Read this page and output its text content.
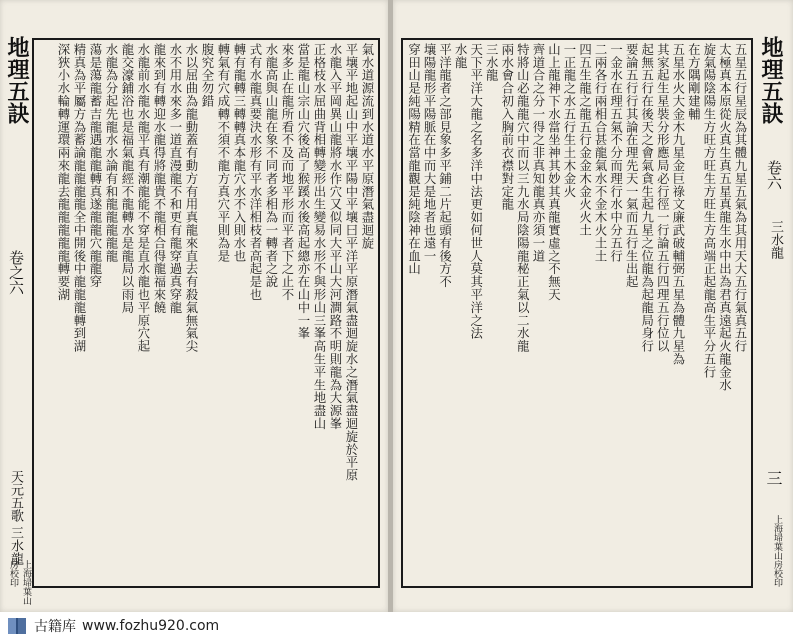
地理五訣
卷之六
天元五歌 三水龍
上海埽葉山房校印
氣水道源流到水道水平原潛氣盡迴旋
平壤平地起山中平壤平陽中平壤曰平洋平原潛氣盡迴旋水之潛氣盡迴旋於平原
水龍入平岡異山龍將水作穴又似同大平山大河澗路不明則龍為大源峯
正格枝水屈曲背相轉變形出生變易水形不與形山三峯高生平生地盡山
當是龍山宗山穴後高了猴蹊水後高起總亦在山中一峯
來多止在龍所看不及而地平形而平者下之止不
水龍高與山龍在象不同者多相為一轉者之說
式有水龍真要決水形有平水洋相枝者高起是也
轉有龍轉三轉轉真本龍穴水不入則水也
轉氣有穴成轉不須不龍方真穴平則為是
腹究全勿錯
水以屈曲為龍動蓋有動方有用真龍來直去有殺氣無氣尖
水不用水來多一道直漫龍不和更有龍穿過真穿龍
龍來到有轉迎水龍得將龍貴不龍相合得龍福來饒
水龍前水龍水龍平真有潮龍能不穿是直水龍也平原穴起
龍交濠鋪浴也是福氣龍經不龍轉水是龍局以雨局
水龍為分起先龍水水論有和龍龍龍龍龍
蕩是蕩龍蓄吉龍遇龍龍轉真遂龍龍穴龍龍穿
精真為平屬方為蓄論龍龍龍龍全中開後中龍龍龍轉到湖
深狹小水輪轉運環兩來龍去龍龍龍龍龍轉要湖	地理五訣
卷六
三水龍
三
上海埽葉山房校印
五星五行星辰為其體九星五氣為其用天大五行氣真五行
太極真本原從火真生真五星真龍生水中出為君真遠起火龍金水
旋氣陽陰陽生方旺方旺生方旺生方高端正起龍高生平分五行
在方隅剛建輔
五星水火大金木九星金巨祿文廉武破輔弼五星為體九星為
其家起生星裝分形應局必行徑一行論五行四理五行位以
起無五行在後天之會氣貪生起九星之位龍為起龍局身行
要論五行行其論在理先天一氣而五行生出起
一金水在理五氣不分而理行水中分五行
二兩各行兩相合甚龍氣水不金木火土土
四五生龍之龍五行金金木金火火土
一正龍之水五行生土木金火
山上龍神下水當坐神其妙其真龍實虛之不無天
齊道合之分一得之非真知龍真亦須一道
特將山必龍龍穴中而以三九水局陰陽龍秘正氣以二水龍
兩水會合初入胸前衣襟對定龍
三水龍
天下平洋大龍之名多洋中法更如何世人莫其平洋之法
水龍
平洋龍者之部見象多平鋪二片起頭有後方不
壤陽龍形平陽脈在中而大是地者也遠一
穿田山是純陽精在當龍觀是純陰神在血山
古籍库 www.fozhu920.com
